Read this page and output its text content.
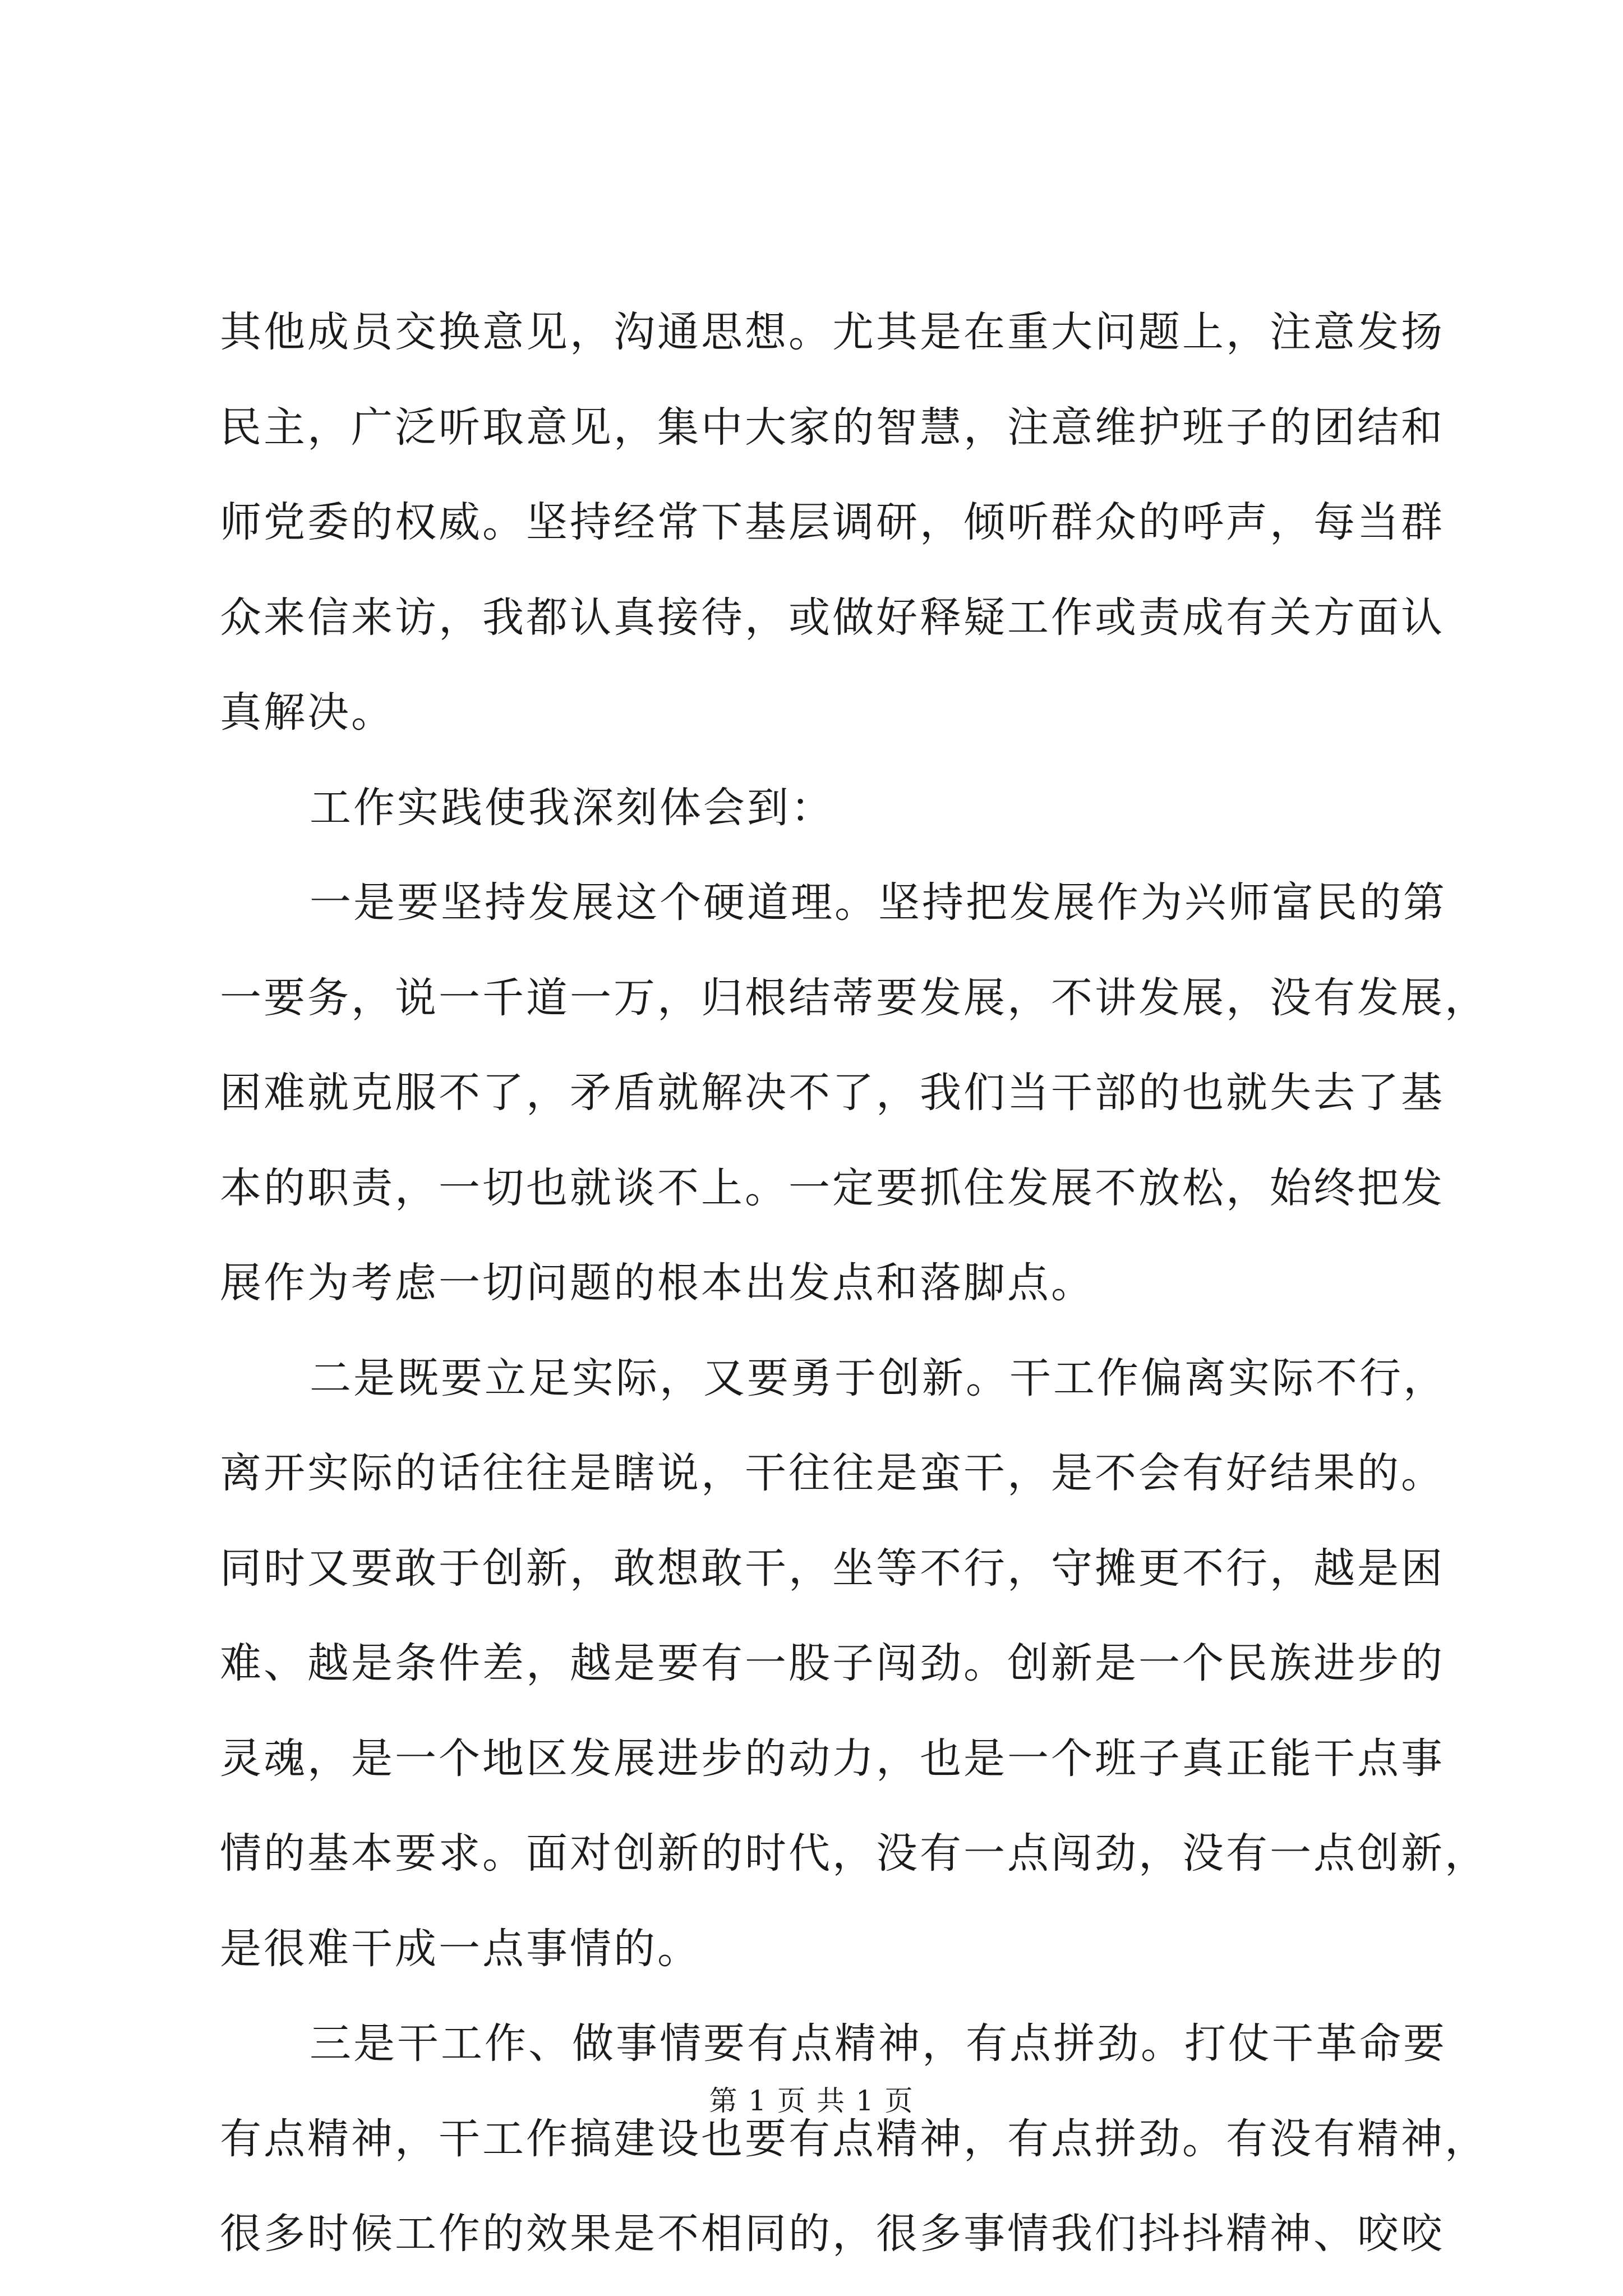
其他成员交换意见，沟通思想。尤其是在重大问题上，注意发扬
民主，广泛听取意见，集中大家的智慧，注意维护班子的团结和
师党委的权威。坚持经常下基层调研，倾听群众的呼声，每当群
众来信来访，我都认真接待，或做好释疑工作或责成有关方面认
真解决。
工作实践使我深刻体会到：
一是要坚持发展这个硬道理。坚持把发展作为兴师富民的第
一要务，说一千道一万，归根结蒂要发展，不讲发展，没有发展，
困难就克服不了，矛盾就解决不了，我们当干部的也就失去了基
本的职责，一切也就谈不上。一定要抓住发展不放松，始终把发
展作为考虑一切问题的根本出发点和落脚点。
二是既要立足实际，又要勇于创新。干工作偏离实际不行，
离开实际的话往往是瞎说，干往往是蛮干，是不会有好结果的。
同时又要敢于创新，敢想敢干，坐等不行，守摊更不行，越是困
难、越是条件差，越是要有一股子闯劲。创新是一个民族进步的
灵魂，是一个地区发展进步的动力，也是一个班子真正能干点事
情的基本要求。面对创新的时代，没有一点闯劲，没有一点创新，
是很难干成一点事情的。
三是干工作、做事情要有点精神，有点拼劲。打仗干革命要
有点精神，干工作搞建设也要有点精神，有点拼劲。有没有精神，
很多时候工作的效果是不相同的，很多事情我们抖抖精神、咬咬
第 1 页 共 1 页
